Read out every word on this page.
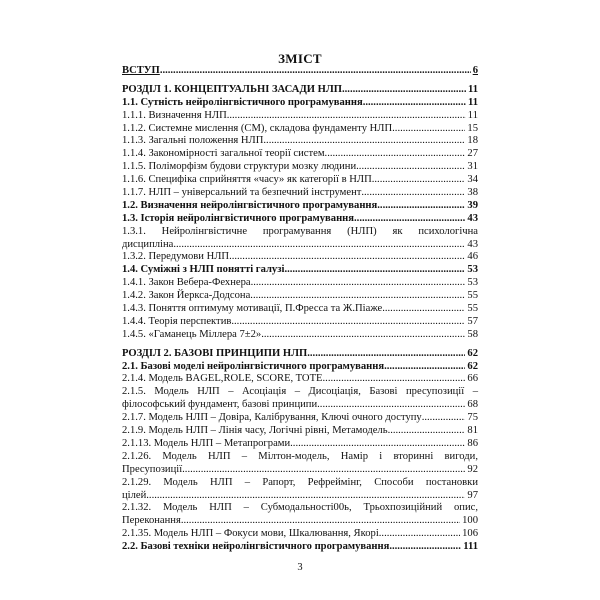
ЗМІСТ
ВСТУП .....	6
РОЗДІЛ 1. КОНЦЕПТУАЛЬНІ ЗАСАДИ НЛП .....	11
1.1. Сутність нейролінгвістичного програмування .....	11
1.1.1. Визначення НЛП .....	11
1.1.2. Системне мислення (СМ), складова фундаменту НЛП .....	15
1.1.3. Загальні положення НЛП .....	18
1.1.4. Закономірності загальної теорії систем .....	27
1.1.5. Поліморфізм будови структури мозку людини .....	31
1.1.6. Специфіка сприйняття «часу» як категорії в НЛП .....	34
1.1.7. НЛП – універсальний та безпечний інструмент .....	38
1.2. Визначення нейролінгвістичного програмування .....	39
1.3. Історія нейролінгвістичного програмування .....	43
1.3.1. Нейролінгвістичне програмування (НЛП) як психологічна
дисципліна .....	43
1.3.2. Передумови НЛП .....	46
1.4. Суміжні з НЛП понятті галузі .....	53
1.4.1. Закон Вебера-Фехнера .....	53
1.4.2. Закон Йеркса-Додсона .....	55
1.4.3. Поняття оптимуму мотивації, П.Фресса та Ж.Піаже .....	55
1.4.4. Теорія перспектив .....	57
1.4.5. «Гаманець Міллера 7±2» .....	58
РОЗДІЛ 2. БАЗОВІ ПРИНЦИПИ НЛП .....	62
2.1. Базові моделі нейролінгвістичного програмування .....	62
2.1.4. Модель BAGEL,ROLE, SCORE, TOTE .....	66
2.1.5. Модель НЛП – Асоціація – Дисоціація, Базові пресупозиції –
філософський фундамент, базові принципи .....	68
2.1.7. Модель НЛП – Довіра, Калібрування, Ключі очного доступу .....	75
2.1.9. Модель НЛП – Лінія часу, Логічні рівні, Метамодель .....	81
2.1.13. Модель НЛП – Метапрограми .....	86
2.1.26. Модель НЛП – Мілтон-модель, Намір і вторинні вигоди,
Пресупозиції .....	92
2.1.29. Модель НЛП – Рапорт, Рефреймінг, Способи постановки
цілей .....	97
2.1.32. Модель НЛП – Субмодальності00ь, Трьохпозиційний опис,
Переконання .....	100
2.1.35. Модель НЛП – Фокуси мови, Шкалювання, Якорі .....	106
2.2. Базові техніки нейролінгвістичного програмування .....	111
3
